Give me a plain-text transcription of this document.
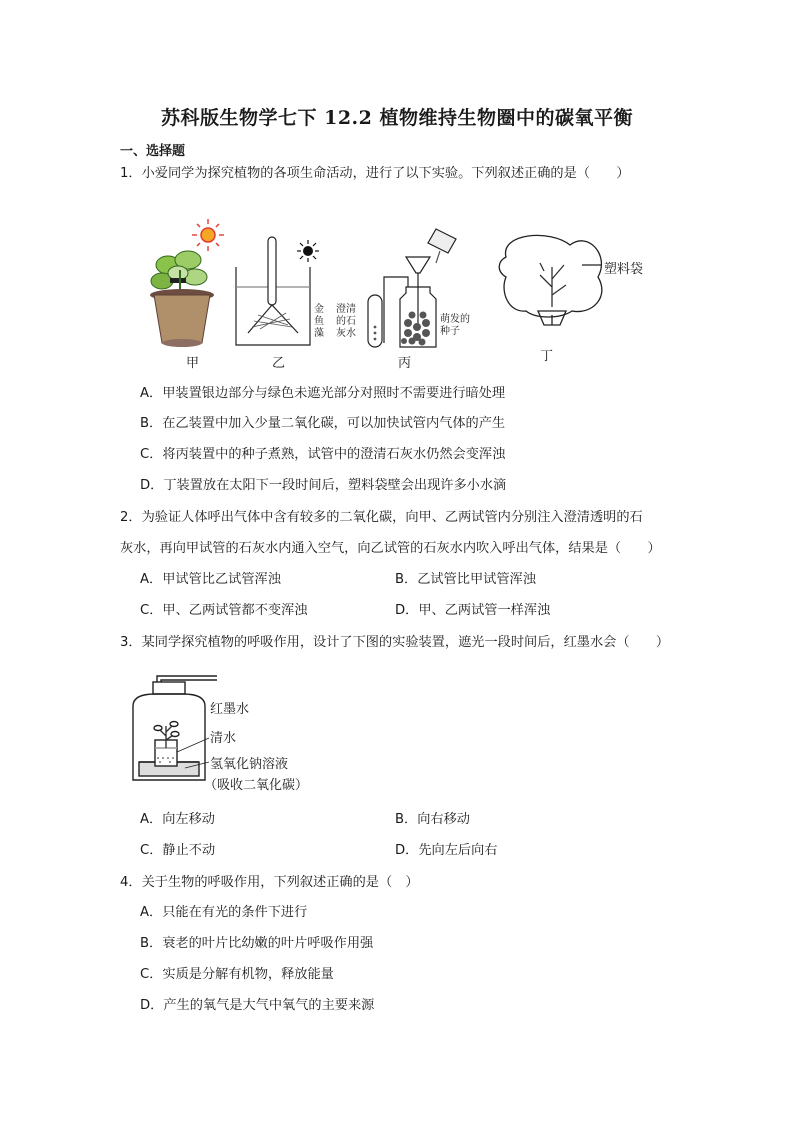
苏科版生物学七下 12.2 植物维持生物圈中的碳氧平衡
一、选择题
1．小爱同学为探究植物的各项生命活动，进行了以下实验。下列叙述正确的是（　　）
甲	乙	丙	丁
金
鱼
藻
澄清
的石
灰水
萌发的
种子
塑料袋
A．甲装置银边部分与绿色未遮光部分对照时不需要进行暗处理
B．在乙装置中加入少量二氧化碳，可以加快试管内气体的产生
C．将丙装置中的种子煮熟，试管中的澄清石灰水仍然会变浑浊
D．丁装置放在太阳下一段时间后，塑料袋壁会出现许多小水滴
2．为验证人体呼出气体中含有较多的二氧化碳，向甲、乙两试管内分别注入澄清透明的石
灰水，再向甲试管的石灰水内通入空气，向乙试管的石灰水内吹入呼出气体，结果是（　　）
A．甲试管比乙试管浑浊	B．乙试管比甲试管浑浊
C．甲、乙两试管都不变浑浊	D．甲、乙两试管一样浑浊
3．某同学探究植物的呼吸作用，设计了下图的实验装置，遮光一段时间后，红墨水会（　　）
红墨水
清水
氢氧化钠溶液
（吸收二氧化碳）
A．向左移动	B．向右移动
C．静止不动	D．先向左后向右
4．关于生物的呼吸作用，下列叙述正确的是（　）
A．只能在有光的条件下进行
B．衰老的叶片比幼嫩的叶片呼吸作用强
C．实质是分解有机物，释放能量
D．产生的氧气是大气中氧气的主要来源
